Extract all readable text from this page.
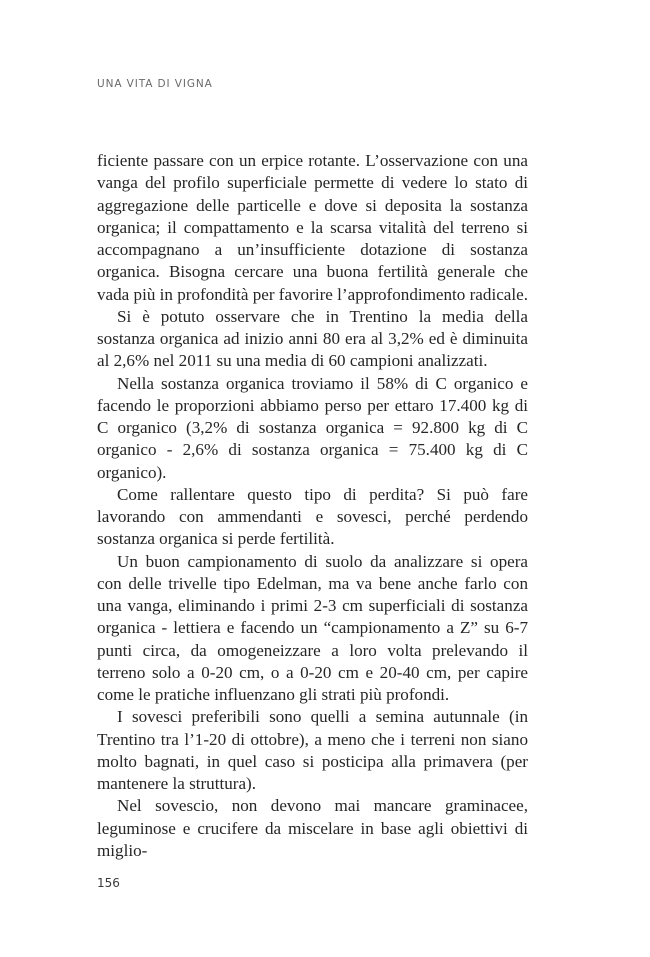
UNA VITA DI VIGNA

ficiente passare con un erpice rotante. L’osservazione con una vanga del profilo superficiale permette di vedere lo stato di aggregazione delle particelle e dove si deposita la sostanza organica; il compattamento e la scarsa vitalità del terreno si accompagnano a un’insufficiente dotazione di sostanza organica. Bisogna cercare una buona fertilità generale che vada più in profondità per favorire l’approfondimento radicale.

Si è potuto osservare che in Trentino la media della sostanza organica ad inizio anni 80 era al 3,2% ed è diminuita al 2,6% nel 2011 su una media di 60 campioni analizzati.

Nella sostanza organica troviamo il 58% di C organico e facendo le proporzioni abbiamo perso per ettaro 17.400 kg di C organico (3,2% di sostanza organica = 92.800 kg di C organico - 2,6% di sostanza organica = 75.400 kg di C organico).

Come rallentare questo tipo di perdita? Si può fare lavorando con ammendanti e sovesci, perché perdendo sostanza organica si perde fertilità.

Un buon campionamento di suolo da analizzare si opera con delle trivelle tipo Edelman, ma va bene anche farlo con una vanga, eliminando i primi 2-3 cm superficiali di sostanza organica - lettiera e facendo un “campionamento a Z” su 6-7 punti circa, da omogeneizzare a loro volta prelevando il terreno solo a 0-20 cm, o a 0-20 cm e 20-40 cm, per capire come le pratiche influenzano gli strati più profondi.

I sovesci preferibili sono quelli a semina autunnale (in Trentino tra l’1-20 di ottobre), a meno che i terreni non siano molto bagnati, in quel caso si posticipa alla primavera (per mantenere la struttura).

Nel sovescio, non devono mai mancare graminacee, leguminose e crucifere da miscelare in base agli obiettivi di miglio-

156
